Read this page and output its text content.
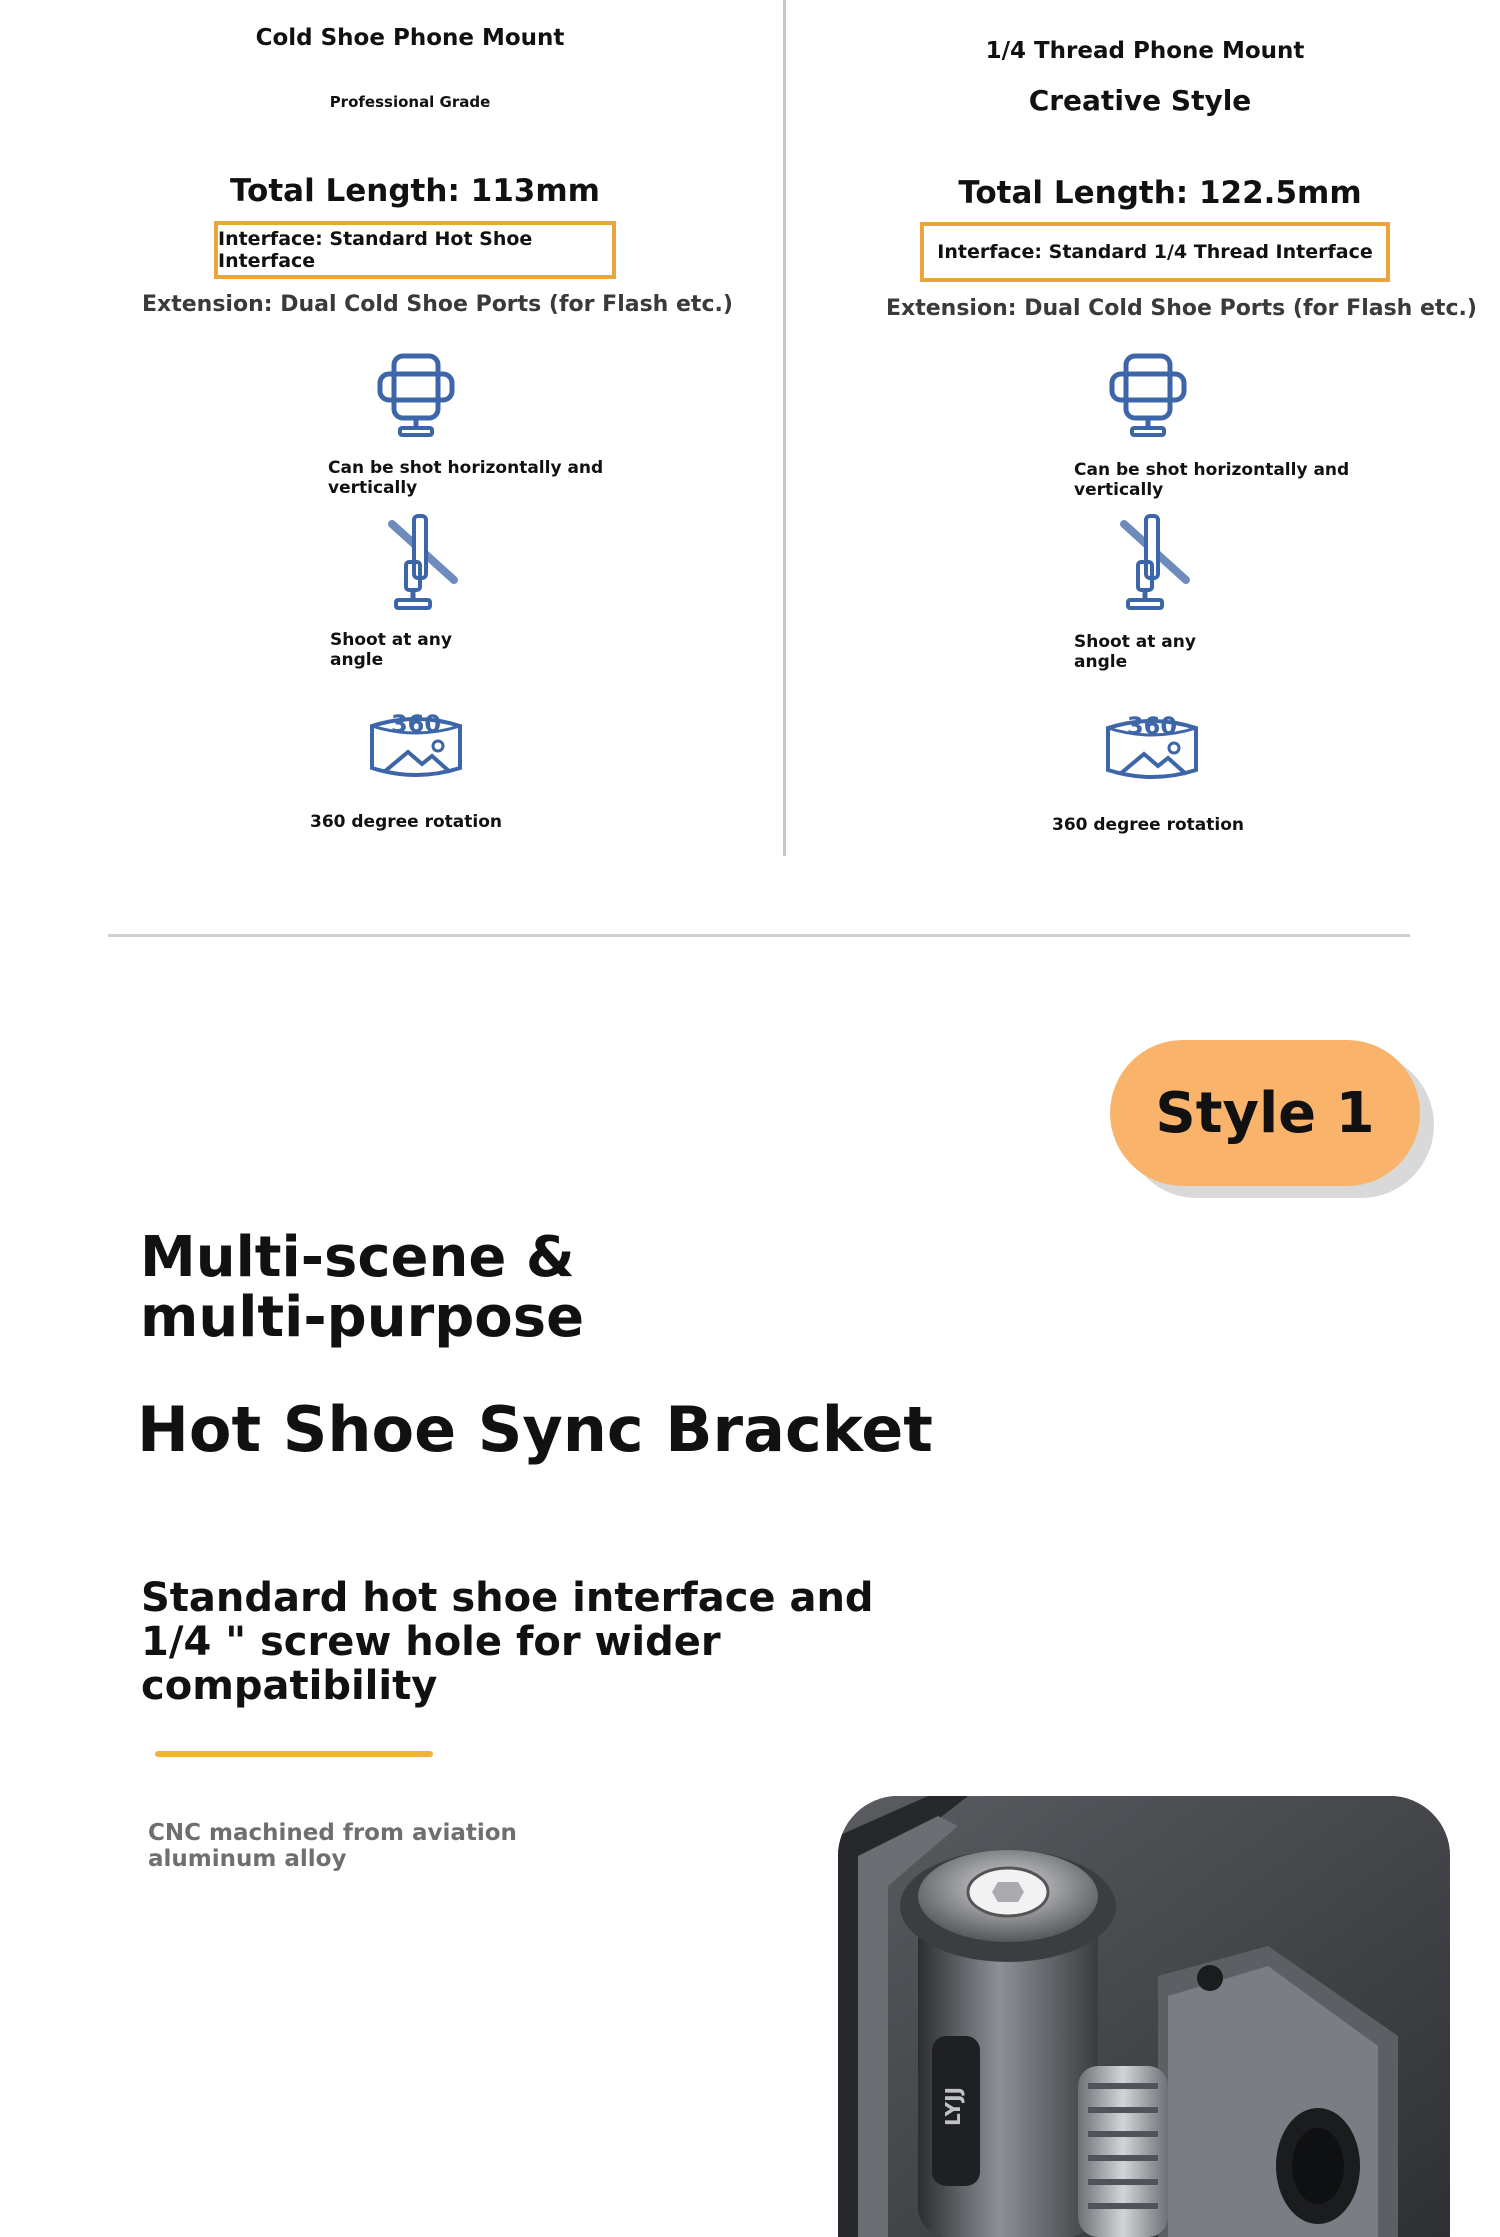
Cold Shoe Phone Mount
Professional Grade
Total Length: 113mm
Interface: Standard Hot Shoe Interface
Extension: Dual Cold Shoe Ports (for Flash etc.)
Can be shot horizontally and vertically
Shoot at any angle
360
360 degree rotation
1/4 Thread Phone Mount
Creative Style
Total Length: 122.5mm
Interface: Standard 1/4 Thread Interface
Extension: Dual Cold Shoe Ports (for Flash etc.)
Can be shot horizontally and vertically
Shoot at any angle
360
360 degree rotation
Style 1
Multi-scene & multi-purpose
Hot Shoe Sync Bracket
Standard hot shoe interface and 1/4 " screw hole for wider compatibility
CNC machined from aviation aluminum alloy
LYJJ
